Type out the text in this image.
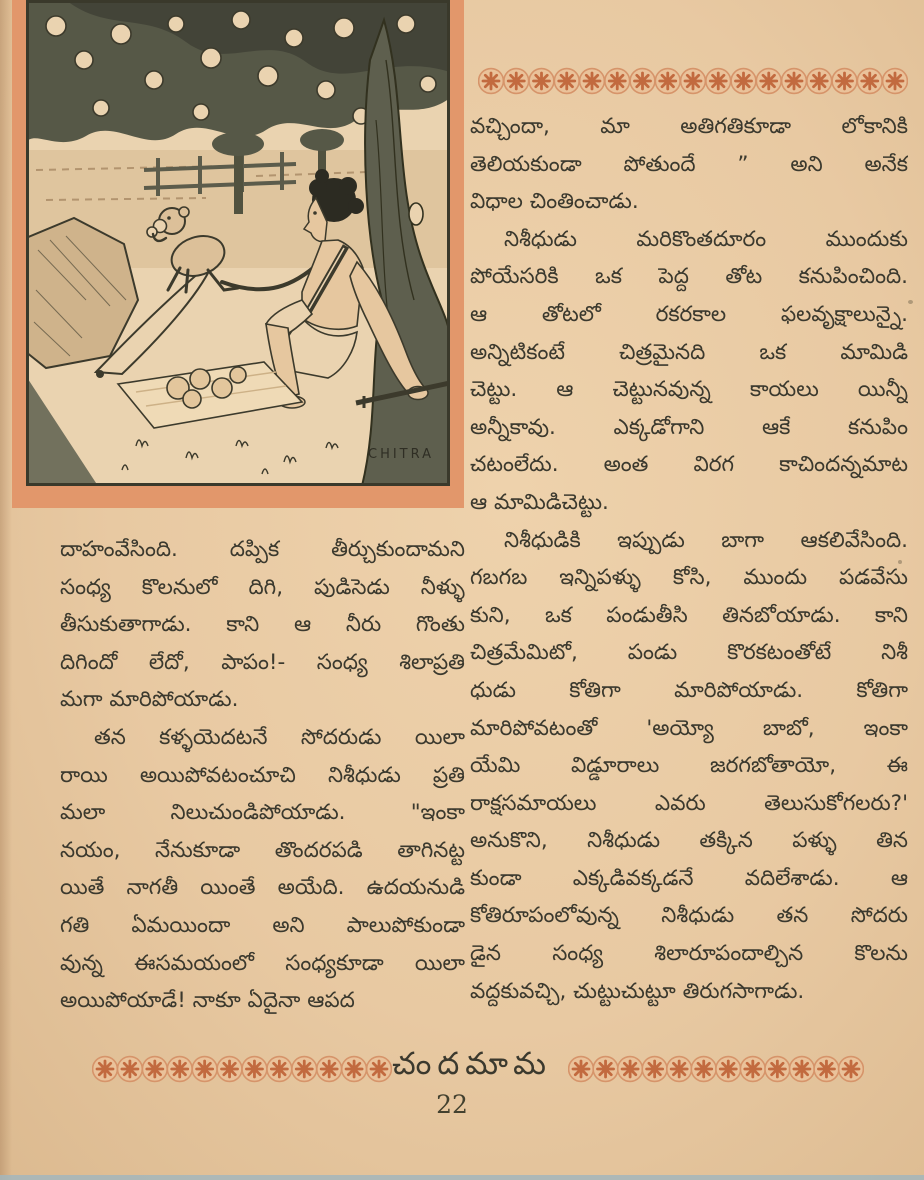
CHITRA
వచ్చిందా, మా అతిగతికూడా లోకానికి
తెలియకుండా పోతుందే ” అని అనేక
విధాల చింతించాడు.
నిశీధుడు మరికొంతదూరం ముందుకు
పోయేసరికి ఒక పెద్ద తోట కనుపించింది.
ఆ తోటలో రకరకాల ఫలవృక్షాలున్నై.
అన్నిటికంటే చిత్రమైనది ఒక మామిడి
చెట్టు. ఆ చెట్టునవున్న కాయలు యిన్నీ
అన్నీకావు. ఎక్కడోగాని ఆకే కనుపిం
చటంలేదు. అంత విరగ కాచిందన్నమాట
ఆ మామిడిచెట్టు.
నిశీధుడికి ఇప్పుడు బాగా ఆకలివేసింది.
గబగబ ఇన్నిపళ్ళు కోసి, ముందు పడవేసు
కుని, ఒక పండుతీసి తినబోయాడు. కాని
చిత్రమేమిటో, పండు కొరకటంతోటే నిశీ
ధుడు కోతిగా మారిపోయాడు. కోతిగా
మారిపోవటంతో 'అయ్యో బాబో, ఇంకా
యేమి విడ్డూరాలు జరగబోతాయో, ఈ
రాక్షసమాయలు ఎవరు తెలుసుకోగలరు?'
అనుకొని, నిశీధుడు తక్కిన పళ్ళు తిన
కుండా ఎక్కడివక్కడనే వదిలేశాడు. ఆ
కోతిరూపంలోవున్న నిశీధుడు తన సోదరు
డైన సంధ్య శిలారూపందాల్చిన కొలను
వద్దకువచ్చి, చుట్టుచుట్టూ తిరుగసాగాడు.
దాహంవేసింది. దప్పిక తీర్చుకుందామని
సంధ్య కొలనులో దిగి, పుడిసెడు నీళ్ళు
తీసుకుతాగాడు. కాని ఆ నీరు గొంతు
దిగిందో లేదో, పాపం!- సంధ్య శిలాప్రతి
మగా మారిపోయాడు.
తన కళ్ళయెదటనే సోదరుడు యిలా
రాయి అయిపోవటంచూచి నిశీధుడు ప్రతి
మలా నిలుచుండిపోయాడు. "ఇంకా
నయం, నేనుకూడా తొందరపడి తాగినట్ట
యితే నాగతీ యింతే అయేది. ఉదయనుడి
గతి ఏమయిందా అని పాలుపోకుండా
వున్న ఈసమయంలో సంధ్యకూడా యిలా
అయిపోయాడే! నాకూ ఏదైనా ఆపద
చందమామ
22
